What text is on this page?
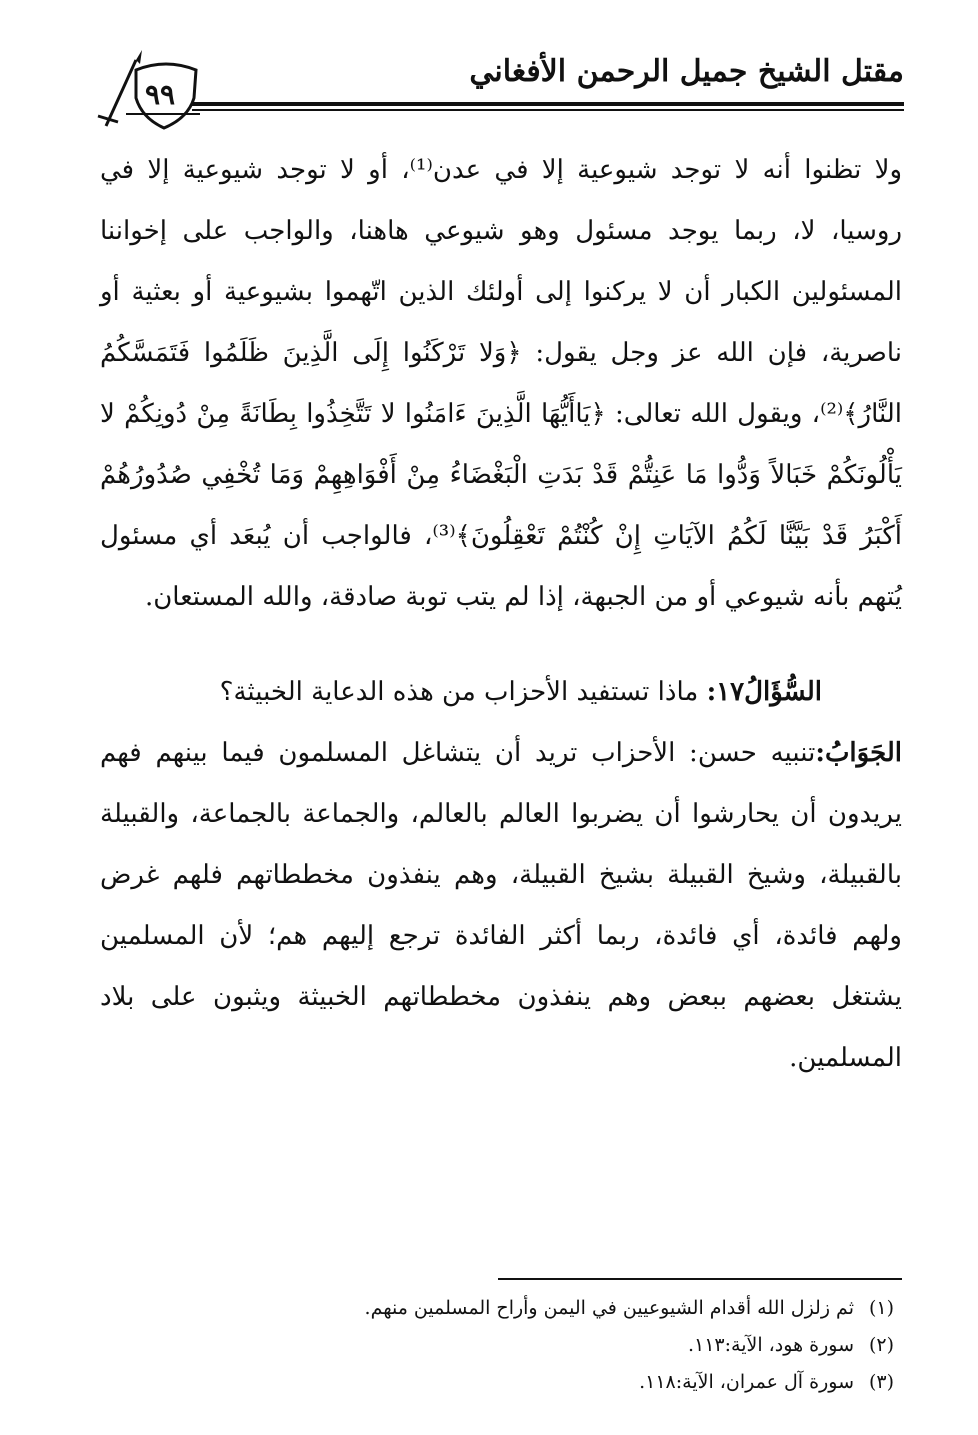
مقتل الشيخ جميل الرحمن الأفغاني
٩٩

ولا تظنوا أنه لا توجد شيوعية إلا في عدن⁽¹⁾، أو لا توجد شيوعية إلا في روسيا، لا، ربما يوجد مسئول وهو شيوعي هاهنا، والواجب على إخواننا المسئولين الكبار أن لا يركنوا إلى أولئك الذين اتّهموا بشيوعية أو بعثية أو ناصرية، فإن الله عز وجل يقول: ﴿وَلا تَرْكَنُوا إِلَى الَّذِينَ ظَلَمُوا فَتَمَسَّكُمُ النَّارُ﴾⁽²⁾، ويقول الله تعالى: ﴿يَاأَيُّهَا الَّذِينَ ءَامَنُوا لا تَتَّخِذُوا بِطَانَةً مِنْ دُونِكُمْ لا يَأْلُونَكُمْ خَبَالاً وَدُّوا مَا عَنِتُّمْ قَدْ بَدَتِ الْبَغْضَاءُ مِنْ أَفْوَاهِهِمْ وَمَا تُخْفِي صُدُورُهُمْ أَكْبَرُ قَدْ بَيَّنَّا لَكُمُ الآيَاتِ إِنْ كُنْتُمْ تَعْقِلُونَ﴾⁽³⁾، فالواجب أن يُبعَد أي مسئول يُتهم بأنه شيوعي أو من الجبهة، إذا لم يتب توبة صادقة، والله المستعان.

السُّؤَالُ١٧: ماذا تستفيد الأحزاب من هذه الدعاية الخبيثة؟

الجَوَابُ:تنبيه حسن: الأحزاب تريد أن يتشاغل المسلمون فيما بينهم فهم يريدون أن يحارشوا أن يضربوا العالم بالعالم، والجماعة بالجماعة، والقبيلة بالقبيلة، وشيخ القبيلة بشيخ القبيلة، وهم ينفذون مخططاتهم فلهم غرض ولهم فائدة، أي فائدة، ربما أكثر الفائدة ترجع إليهم هم؛ لأن المسلمين يشتغل بعضهم ببعض وهم ينفذون مخططاتهم الخبيثة ويثبون على بلاد المسلمين.

(١)ثم زلزل الله أقدام الشيوعيين في اليمن وأراح المسلمين منهم.
(٢)سورة هود، الآية:١١٣.
(٣)سورة آل عمران، الآية:١١٨.
